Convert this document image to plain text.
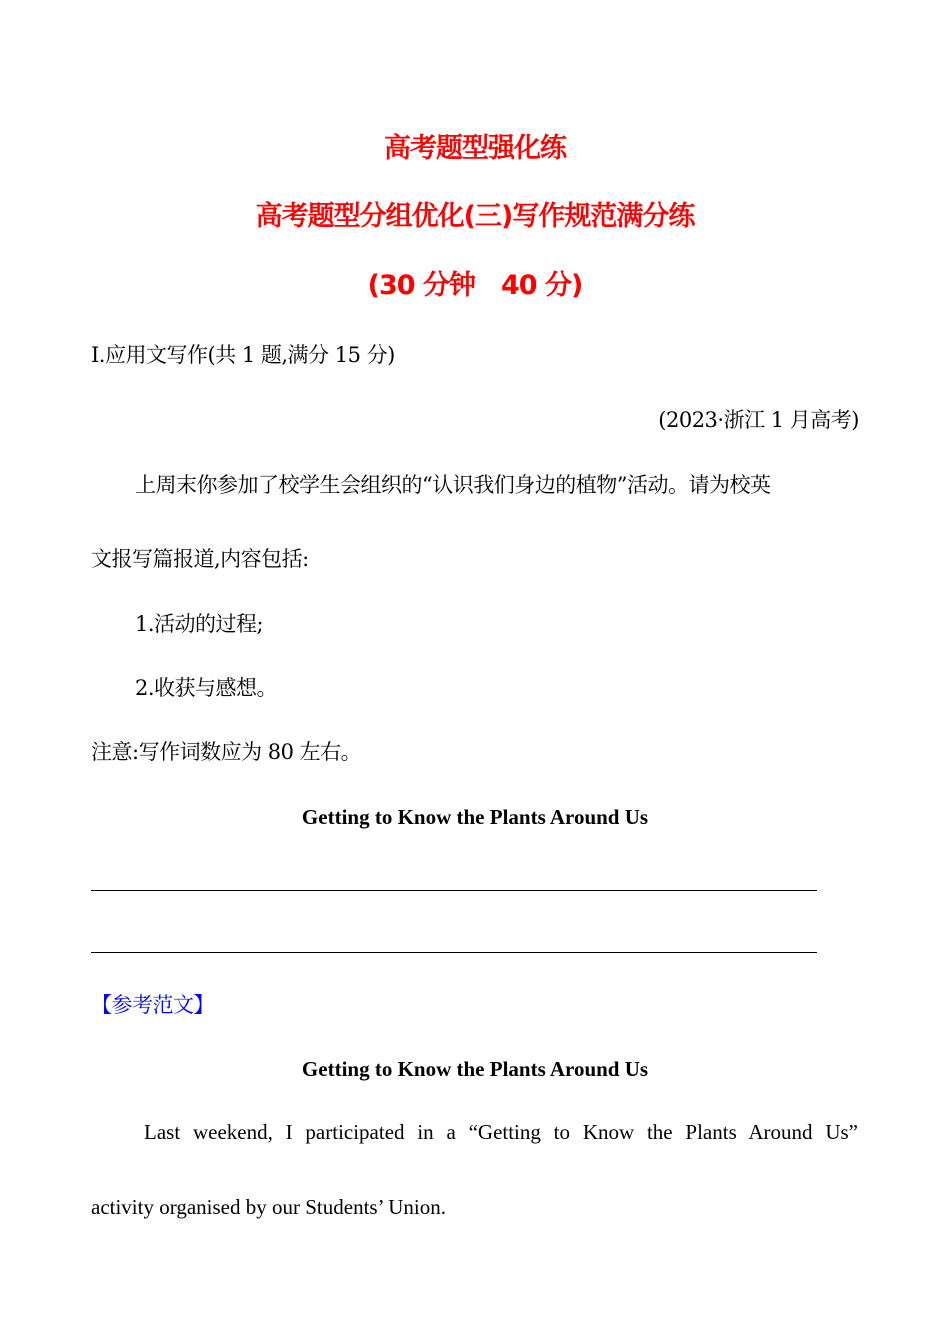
高考题型强化练
高考题型分组优化(三)写作规范满分练
(30 分钟　40 分)
Ⅰ.应用文写作(共 1 题,满分 15 分)
(2023·浙江 1 月高考)
上周末你参加了校学生会组织的“认识我们身边的植物”活动。请为校英
文报写篇报道,内容包括:
1.活动的过程;
2.收获与感想。
注意:写作词数应为 80 左右。
Getting to Know the Plants Around Us
【参考范文】
Getting to Know the Plants Around Us
Last weekend, I participated in a “Getting to Know the Plants Around Us”
activity organised by our Students’ Union.
